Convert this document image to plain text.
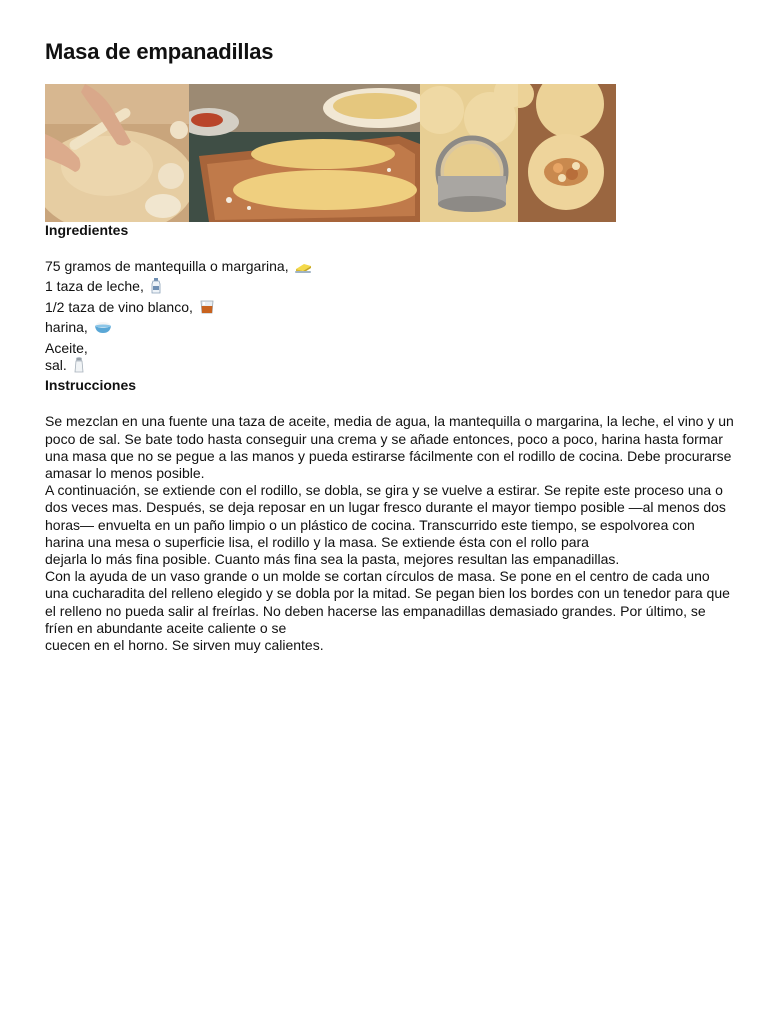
Masa de empanadillas
Ingredientes
75 gramos de mantequilla o margarina,
1 taza de leche,
1/2 taza de vino blanco,
harina,
Aceite,
sal.
Instrucciones

Se mezclan en una fuente una taza de aceite, media de agua, la mantequilla o margarina, la leche, el vino y un poco de sal. Se bate todo hasta conseguir una crema y se añade entonces, poco a poco, harina hasta formar una masa que no se pegue a las manos y pueda estirarse fácilmente con el rodillo de cocina. Debe procurarse amasar lo menos posible.

A continuación, se extiende con el rodillo, se dobla, se gira y se vuelve a estirar. Se repite este proceso una o dos veces mas. Después, se deja reposar en un lugar fresco durante el mayor tiempo posible —al menos dos horas— envuelta en un paño limpio o un plástico de cocina. Transcurrido este tiempo, se espolvorea con harina una mesa o superficie lisa, el rodillo y la masa. Se extiende ésta con el rollo para

dejarla lo más fina posible. Cuanto más fina sea la pasta, mejores resultan las empanadillas.

Con la ayuda de un vaso grande o un molde se cortan círculos de masa. Se pone en el centro de cada uno una cucharadita del relleno elegido y se dobla por la mitad. Se pegan bien los bordes con un tenedor para que el relleno no pueda salir al freírlas. No deben hacerse las empanadillas demasiado grandes. Por último, se fríen en abundante aceite caliente o se

cuecen en el horno. Se sirven muy calientes.
